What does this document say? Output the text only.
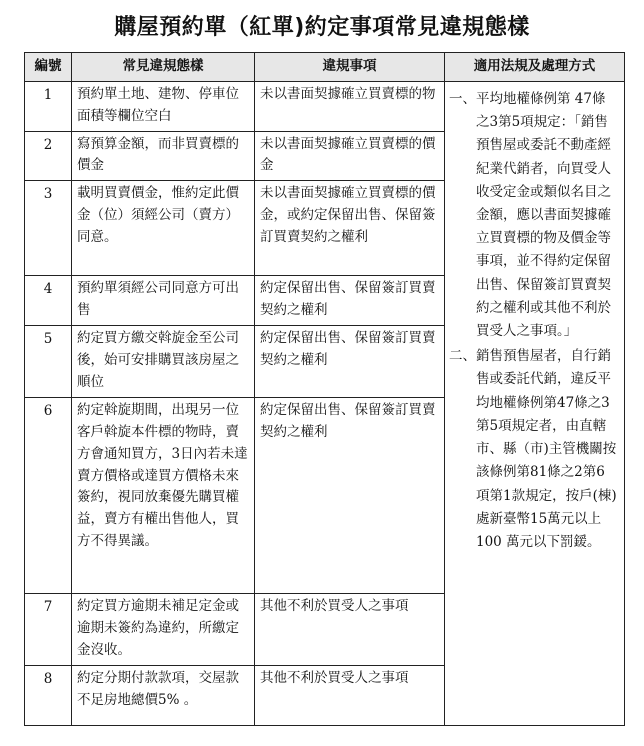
購屋預約單（紅單)約定事項常見違規態樣
編號	常見違規態樣	違規事項	適用法規及處理方式
1	預約單土地、建物、停車位面積等欄位空白	未以書面契據確立買賣標的物	一、 平均地權條例第 47條之3第5項規定：「銷售預售屋或委託不動產經紀業代銷者，向買受人收受定金或類似名目之金額，應以書面契據確立買賣標的物及價金等事項，並不得約定保留出售、保留簽訂買賣契約之權利或其他不利於買受人之事項。」
二、 銷售預售屋者，自行銷售或委託代銷，違反平均地權條例第47條之3第5項規定者，由直轄市、縣（市)主管機關按該條例第81條之2第6項第1款規定，按戶(棟)處新臺幣15萬元以上 100 萬元以下罰鍰。

2	寫預算金額，而非買賣標的價金	未以書面契據確立買賣標的價金	
3	載明買賣價金，惟約定此價金（位）須經公司（賣方）同意。	未以書面契據確立買賣標的價金，或約定保留出售、保留簽訂買賣契約之權利	
4	預約單須經公司同意方可出售	約定保留出售、保留簽訂買賣契約之權利	
5	約定買方繳交斡旋金至公司後，始可安排購買該房屋之順位	約定保留出售、保留簽訂買賣契約之權利	
6	約定斡旋期間，出現另一位客戶斡旋本件標的物時，賣方會通知買方，3日內若未達賣方價格或達買方價格未來簽約，視同放棄優先購買權益，賣方有權出售他人，買方不得異議。	約定保留出售、保留簽訂買賣契約之權利	
7	約定買方逾期未補足定金或逾期未簽約為違約，所繳定金沒收。	其他不利於買受人之事項	
8	約定分期付款款項，交屋款不足房地總價5% 。	其他不利於買受人之事項	
